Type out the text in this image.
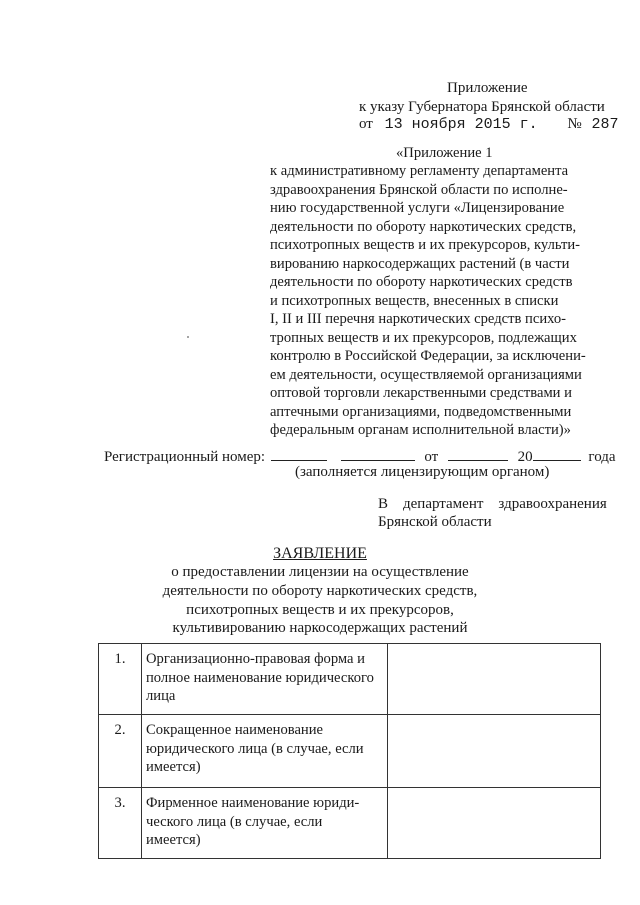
Приложение
к указу Губернатора Брянской области
от 13 ноября 2015 г. № 287
«Приложение 1
к административному регламенту департамента
здравоохранения Брянской области по исполне-
нию государственной услуги «Лицензирование
деятельности по обороту наркотических средств,
психотропных веществ и их прекурсоров, культи-
вированию наркосодержащих растений (в части
деятельности по обороту наркотических средств
и психотропных веществ, внесенных в списки
I, II и III перечня наркотических средств психо-
тропных веществ и их прекурсоров, подлежащих
контролю в Российской Федерации, за исключени-
ем деятельности, осуществляемой организациями
оптовой торговли лекарственными средствами и
аптечными организациями, подведомственными
федеральным органам исполнительной власти)»
Регистрационный номер:	от	20	года
(заполняется лицензирующим органом)
В    департамент    здравоохранения
Брянской области
ЗАЯВЛЕНИЕ
о предоставлении лицензии на осуществление
деятельности по обороту наркотических средств,
психотропных веществ и их прекурсоров,
культивированию наркосодержащих растений
1.	Организационно-правовая форма и
полное наименование юридического
лица	

2.	Сокращенное наименование
юридического лица (в случае, если
имеется)	

3.	Фирменное наименование юриди-
ческого лица (в случае, если
имеется)	
